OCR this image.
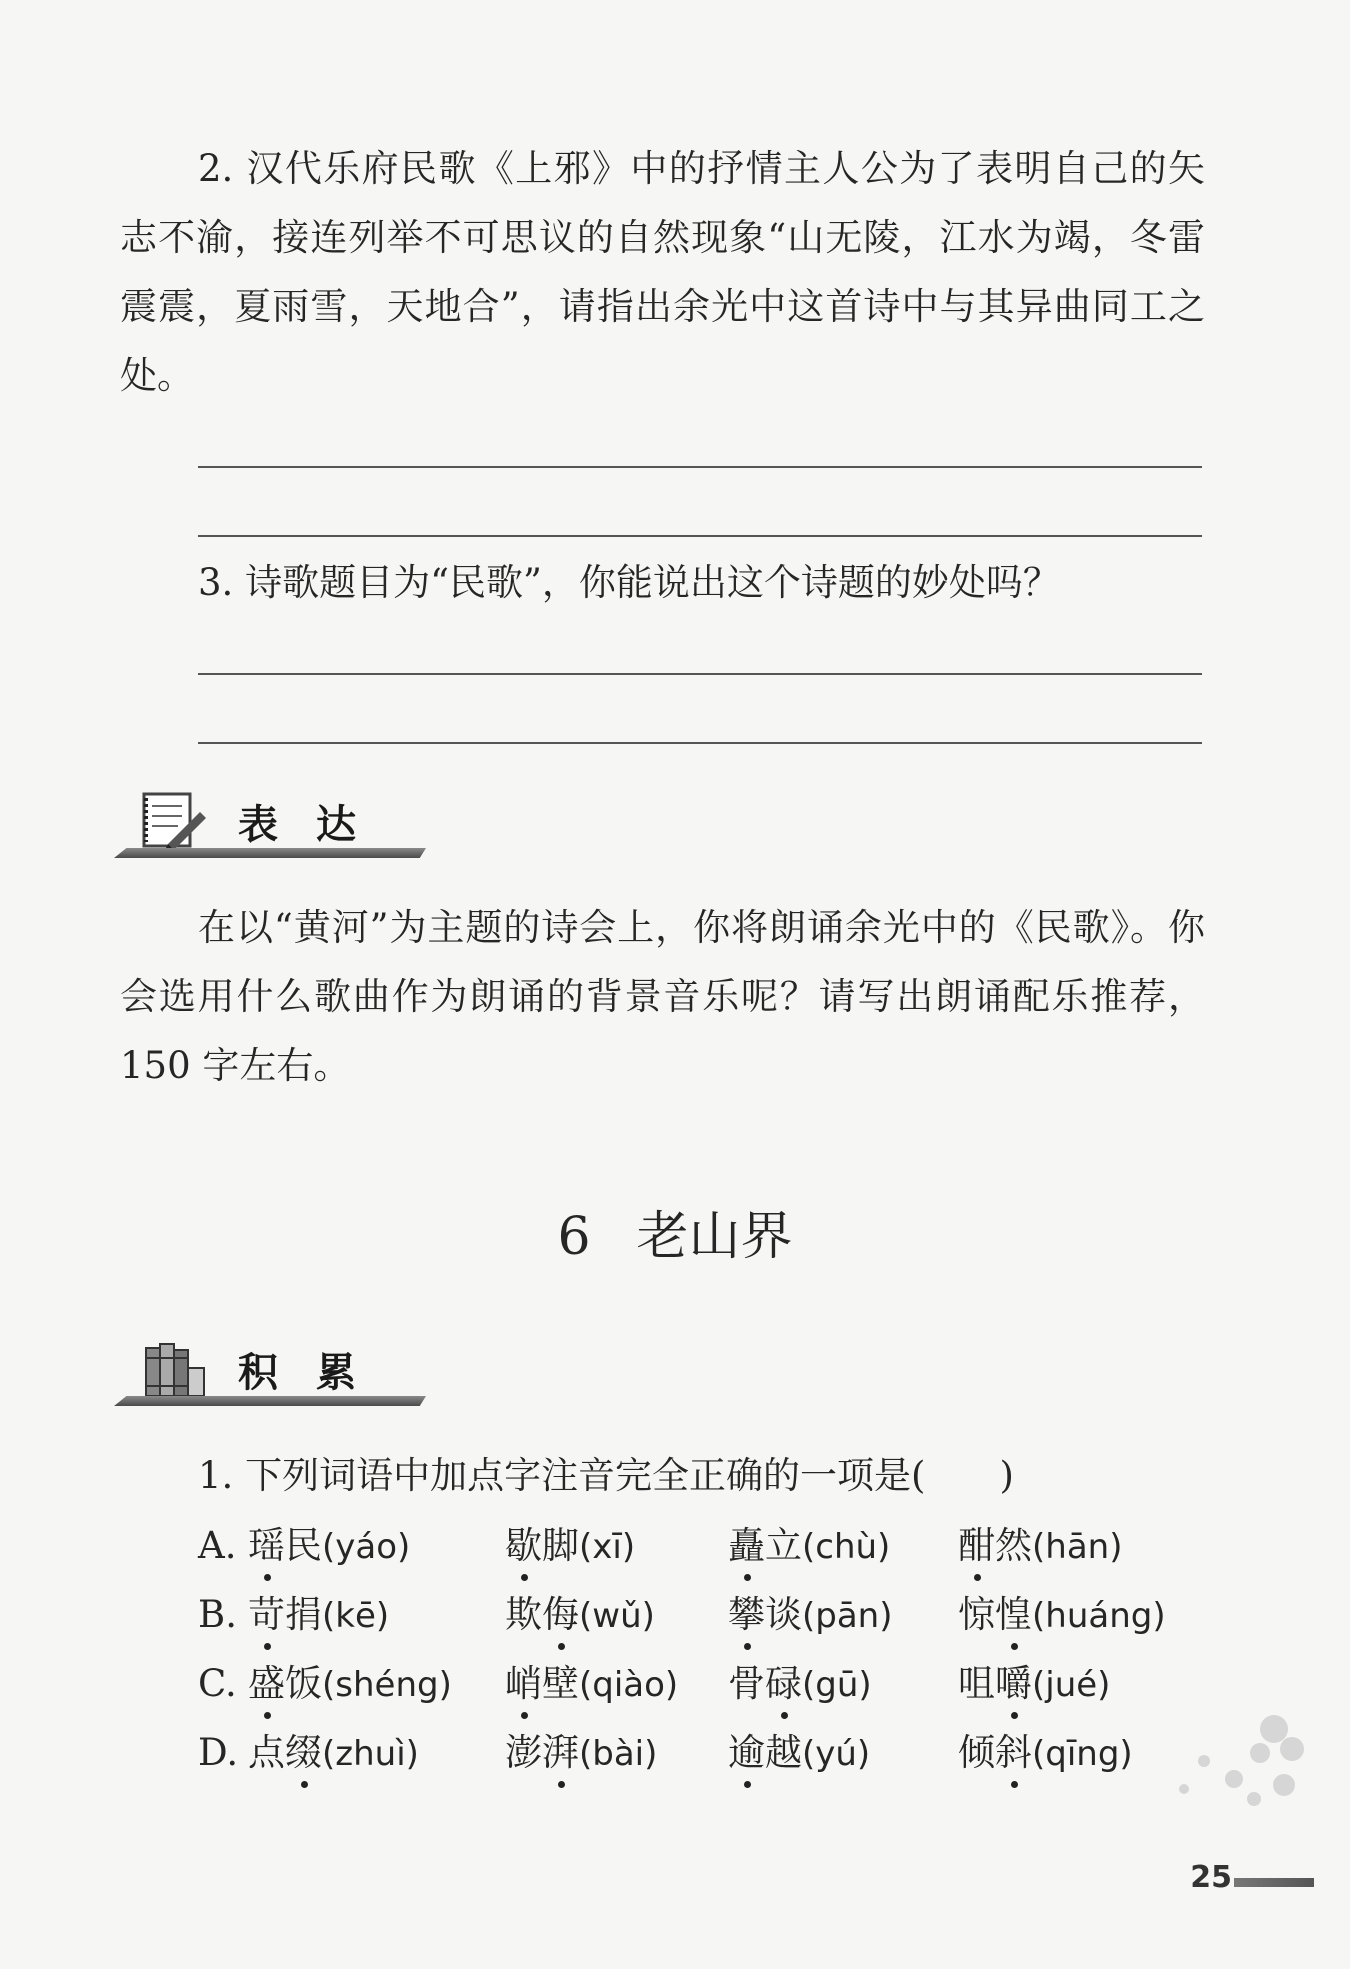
2. 汉代乐府民歌《上邪》中的抒情主人公为了表明自己的矢志不渝，接连列举不可思议的自然现象“山无陵，江水为竭，冬雷震震，夏雨雪，天地合”，请指出余光中这首诗中与其异曲同工之处。

3. 诗歌题目为“民歌”，你能说出这个诗题的妙处吗？
表达

在以“黄河”为主题的诗会上，你将朗诵余光中的《民歌》。你会选用什么歌曲作为朗诵的背景音乐呢？请写出朗诵配乐推荐，150 字左右。

6 老山界
积累
1. 下列词语中加点字注音完全正确的一项是(　　)
A. 瑶民(yáo)	歇脚(xī)	矗立(chù) 酣然(hān)
B. 苛捐(kē)	欺侮(wǔ) 攀谈(pān) 惊惶(huáng)
C. 盛饭(shéng) 峭壁(qiào) 骨碌(gū) 咀嚼(jué)
D. 点缀(zhuì) 澎湃(bài) 逾越(yú) 倾斜(qīng)
25
